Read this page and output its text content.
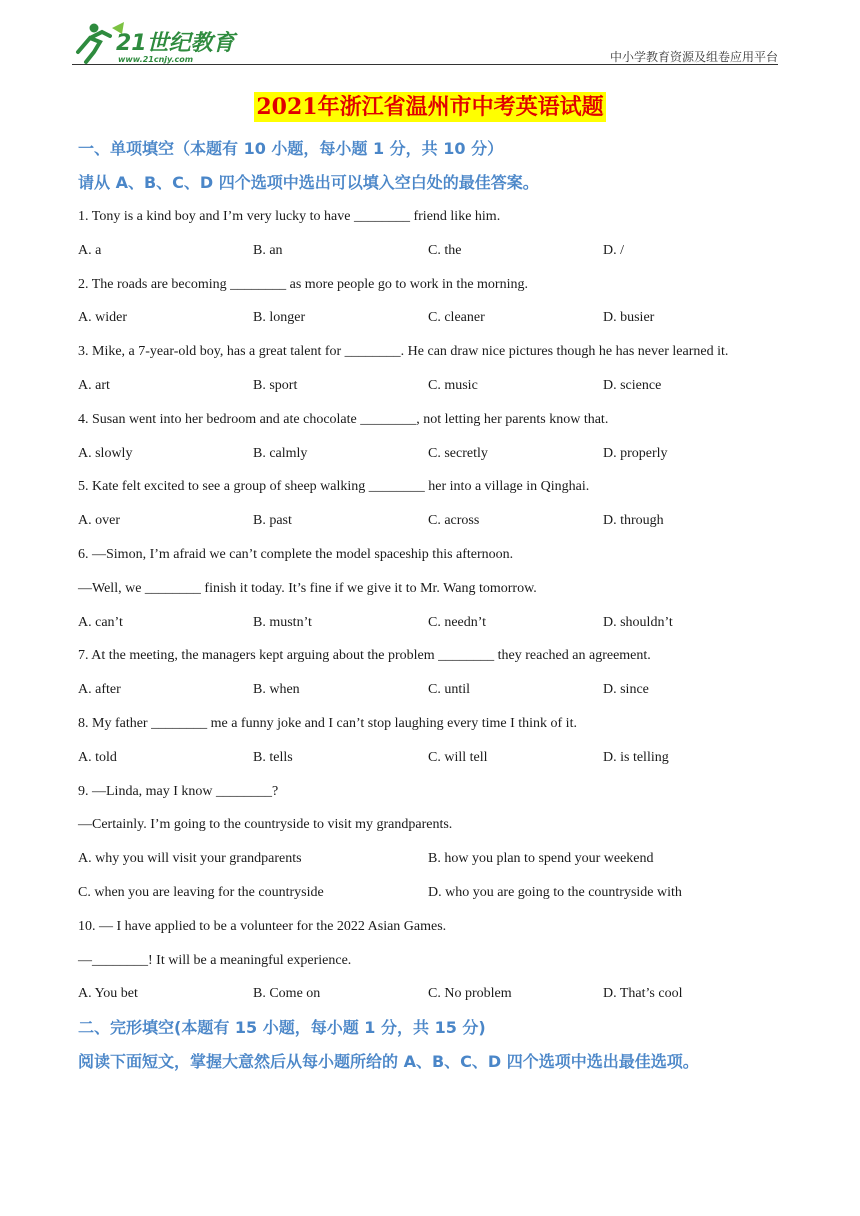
21世纪教育
www.21cnjy.com	中小学教育资源及组卷应用平台
2021年浙江省温州市中考英语试题
一、单项填空（本题有 10 小题，每小题 1 分，共 10 分）
请从 A、B、C、D 四个选项中选出可以填入空白处的最佳答案。
1. Tony is a kind boy and I’m very lucky to have ________ friend like him.
A. a	B. an	C. the	D. /
2. The roads are becoming ________ as more people go to work in the morning.
A. wider	B. longer	C. cleaner	D. busier
3. Mike, a 7-year-old boy, has a great talent for ________. He can draw nice pictures though he has never learned it.
A. art	B. sport	C. music	D. science
4. Susan went into her bedroom and ate chocolate ________, not letting her parents know that.
A. slowly	B. calmly	C. secretly	D. properly
5. Kate felt excited to see a group of sheep walking ________ her into a village in Qinghai.
A. over	B. past	C. across	D. through
6. —Simon, I’m afraid we can’t complete the model spaceship this afternoon.
—Well, we ________ finish it today. It’s fine if we give it to Mr. Wang tomorrow.
A. can’t	B. mustn’t	C. needn’t	D. shouldn’t
7. At the meeting, the managers kept arguing about the problem ________ they reached an agreement.
A. after	B. when	C. until	D. since
8. My father ________ me a funny joke and I can’t stop laughing every time I think of it.
A. told	B. tells	C. will tell	D. is telling
9. —Linda, may I know ________?
—Certainly. I’m going to the countryside to visit my grandparents.
A. why you will visit your grandparents	B. how you plan to spend your weekend
C. when you are leaving for the countryside	D. who you are going to the countryside with
10. — I have applied to be a volunteer for the 2022 Asian Games.
—________! It will be a meaningful experience.
A. You bet	B. Come on	C. No problem	D. That’s cool
二、完形填空(本题有 15 小题，每小题 1 分，共 15 分)
阅读下面短文，掌握大意然后从每小题所给的 A、B、C、D 四个选项中选出最佳选项。
